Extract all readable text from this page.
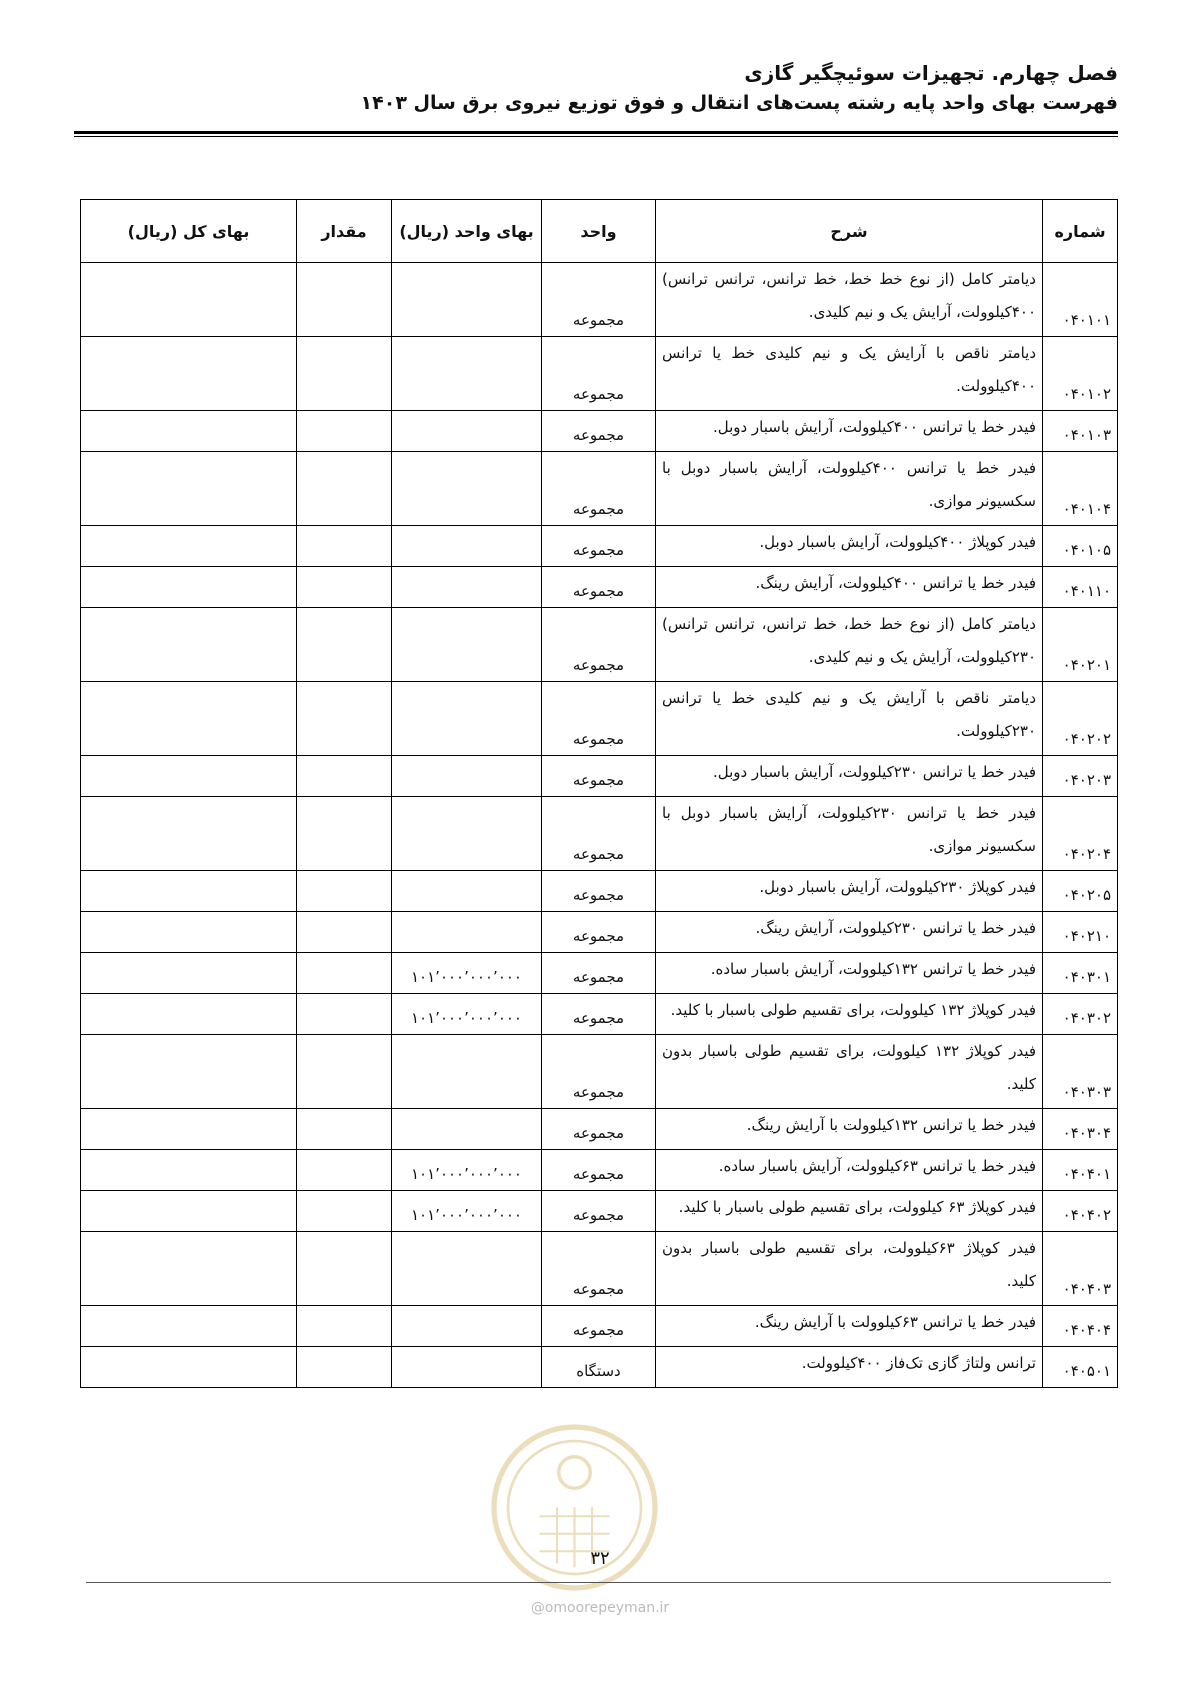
فصل چهارم. تجهیزات سوئیچگیر گازی
فهرست بهای واحد پایه رشته پست‌های انتقال و فوق توزیع نیروی برق سال ۱۴۰۳
شماره	شرح	واحد	بهای واحد (ریال)	مقدار	بهای کل (ریال)
۰۴۰۱۰۱	دیامتر کامل (از نوع خط خط، خط ترانس، ترانس ترانس) ۴۰۰کیلوولت، آرایش یک و نیم کلیدی.	مجموعه			
۰۴۰۱۰۲	دیامتر ناقص با آرایش یک و نیم کلیدی خط یا ترانس ۴۰۰کیلوولت.	مجموعه			
۰۴۰۱۰۳	فیدر خط یا ترانس ۴۰۰کیلوولت، آرایش باسبار دوبل.	مجموعه			
۰۴۰۱۰۴	فیدر خط یا ترانس ۴۰۰کیلوولت، آرایش باسبار دوبل با سکسیونر موازی.	مجموعه			
۰۴۰۱۰۵	فیدر کوپلاژ ۴۰۰کیلوولت، آرایش باسبار دوبل.	مجموعه			
۰۴۰۱۱۰	فیدر خط یا ترانس ۴۰۰کیلوولت، آرایش رینگ.	مجموعه			
۰۴۰۲۰۱	دیامتر کامل (از نوع خط خط، خط ترانس، ترانس ترانس) ۲۳۰کیلوولت، آرایش یک و نیم کلیدی.	مجموعه			
۰۴۰۲۰۲	دیامتر ناقص با آرایش یک و نیم کلیدی خط یا ترانس ۲۳۰کیلوولت.	مجموعه			
۰۴۰۲۰۳	فیدر خط یا ترانس ۲۳۰کیلوولت، آرایش باسبار دوبل.	مجموعه			
۰۴۰۲۰۴	فیدر خط یا ترانس ۲۳۰کیلوولت، آرایش باسبار دوبل با سکسیونر موازی.	مجموعه			
۰۴۰۲۰۵	فیدر کوپلاژ ۲۳۰کیلوولت، آرایش باسبار دوبل.	مجموعه			
۰۴۰۲۱۰	فیدر خط یا ترانس ۲۳۰کیلوولت، آرایش رینگ.	مجموعه			
۰۴۰۳۰۱	فیدر خط یا ترانس ۱۳۲کیلوولت، آرایش باسبار ساده.	مجموعه	۱۰۱٬۰۰۰٬۰۰۰٬۰۰۰		
۰۴۰۳۰۲	فیدر کوپلاژ ۱۳۲ کیلوولت، برای تقسیم طولی باسبار با کلید.	مجموعه	۱۰۱٬۰۰۰٬۰۰۰٬۰۰۰		
۰۴۰۳۰۳	فیدر کوپلاژ ۱۳۲ کیلوولت، برای تقسیم طولی باسبار بدون کلید.	مجموعه			
۰۴۰۳۰۴	فیدر خط یا ترانس ۱۳۲کیلوولت با آرایش رینگ.	مجموعه			
۰۴۰۴۰۱	فیدر خط یا ترانس ۶۳کیلوولت، آرایش باسبار ساده.	مجموعه	۱۰۱٬۰۰۰٬۰۰۰٬۰۰۰		
۰۴۰۴۰۲	فیدر کوپلاژ ۶۳ کیلوولت، برای تقسیم طولی باسبار با کلید.	مجموعه	۱۰۱٬۰۰۰٬۰۰۰٬۰۰۰		
۰۴۰۴۰۳	فیدر کوپلاژ ۶۳کیلوولت، برای تقسیم طولی باسبار بدون کلید.	مجموعه			
۰۴۰۴۰۴	فیدر خط یا ترانس ۶۳کیلوولت با آرایش رینگ.	مجموعه			
۰۴۰۵۰۱	ترانس ولتاژ گازی تک‌فاز ۴۰۰کیلوولت.	دستگاه			
۳۲
@omoorepeyman.ir
